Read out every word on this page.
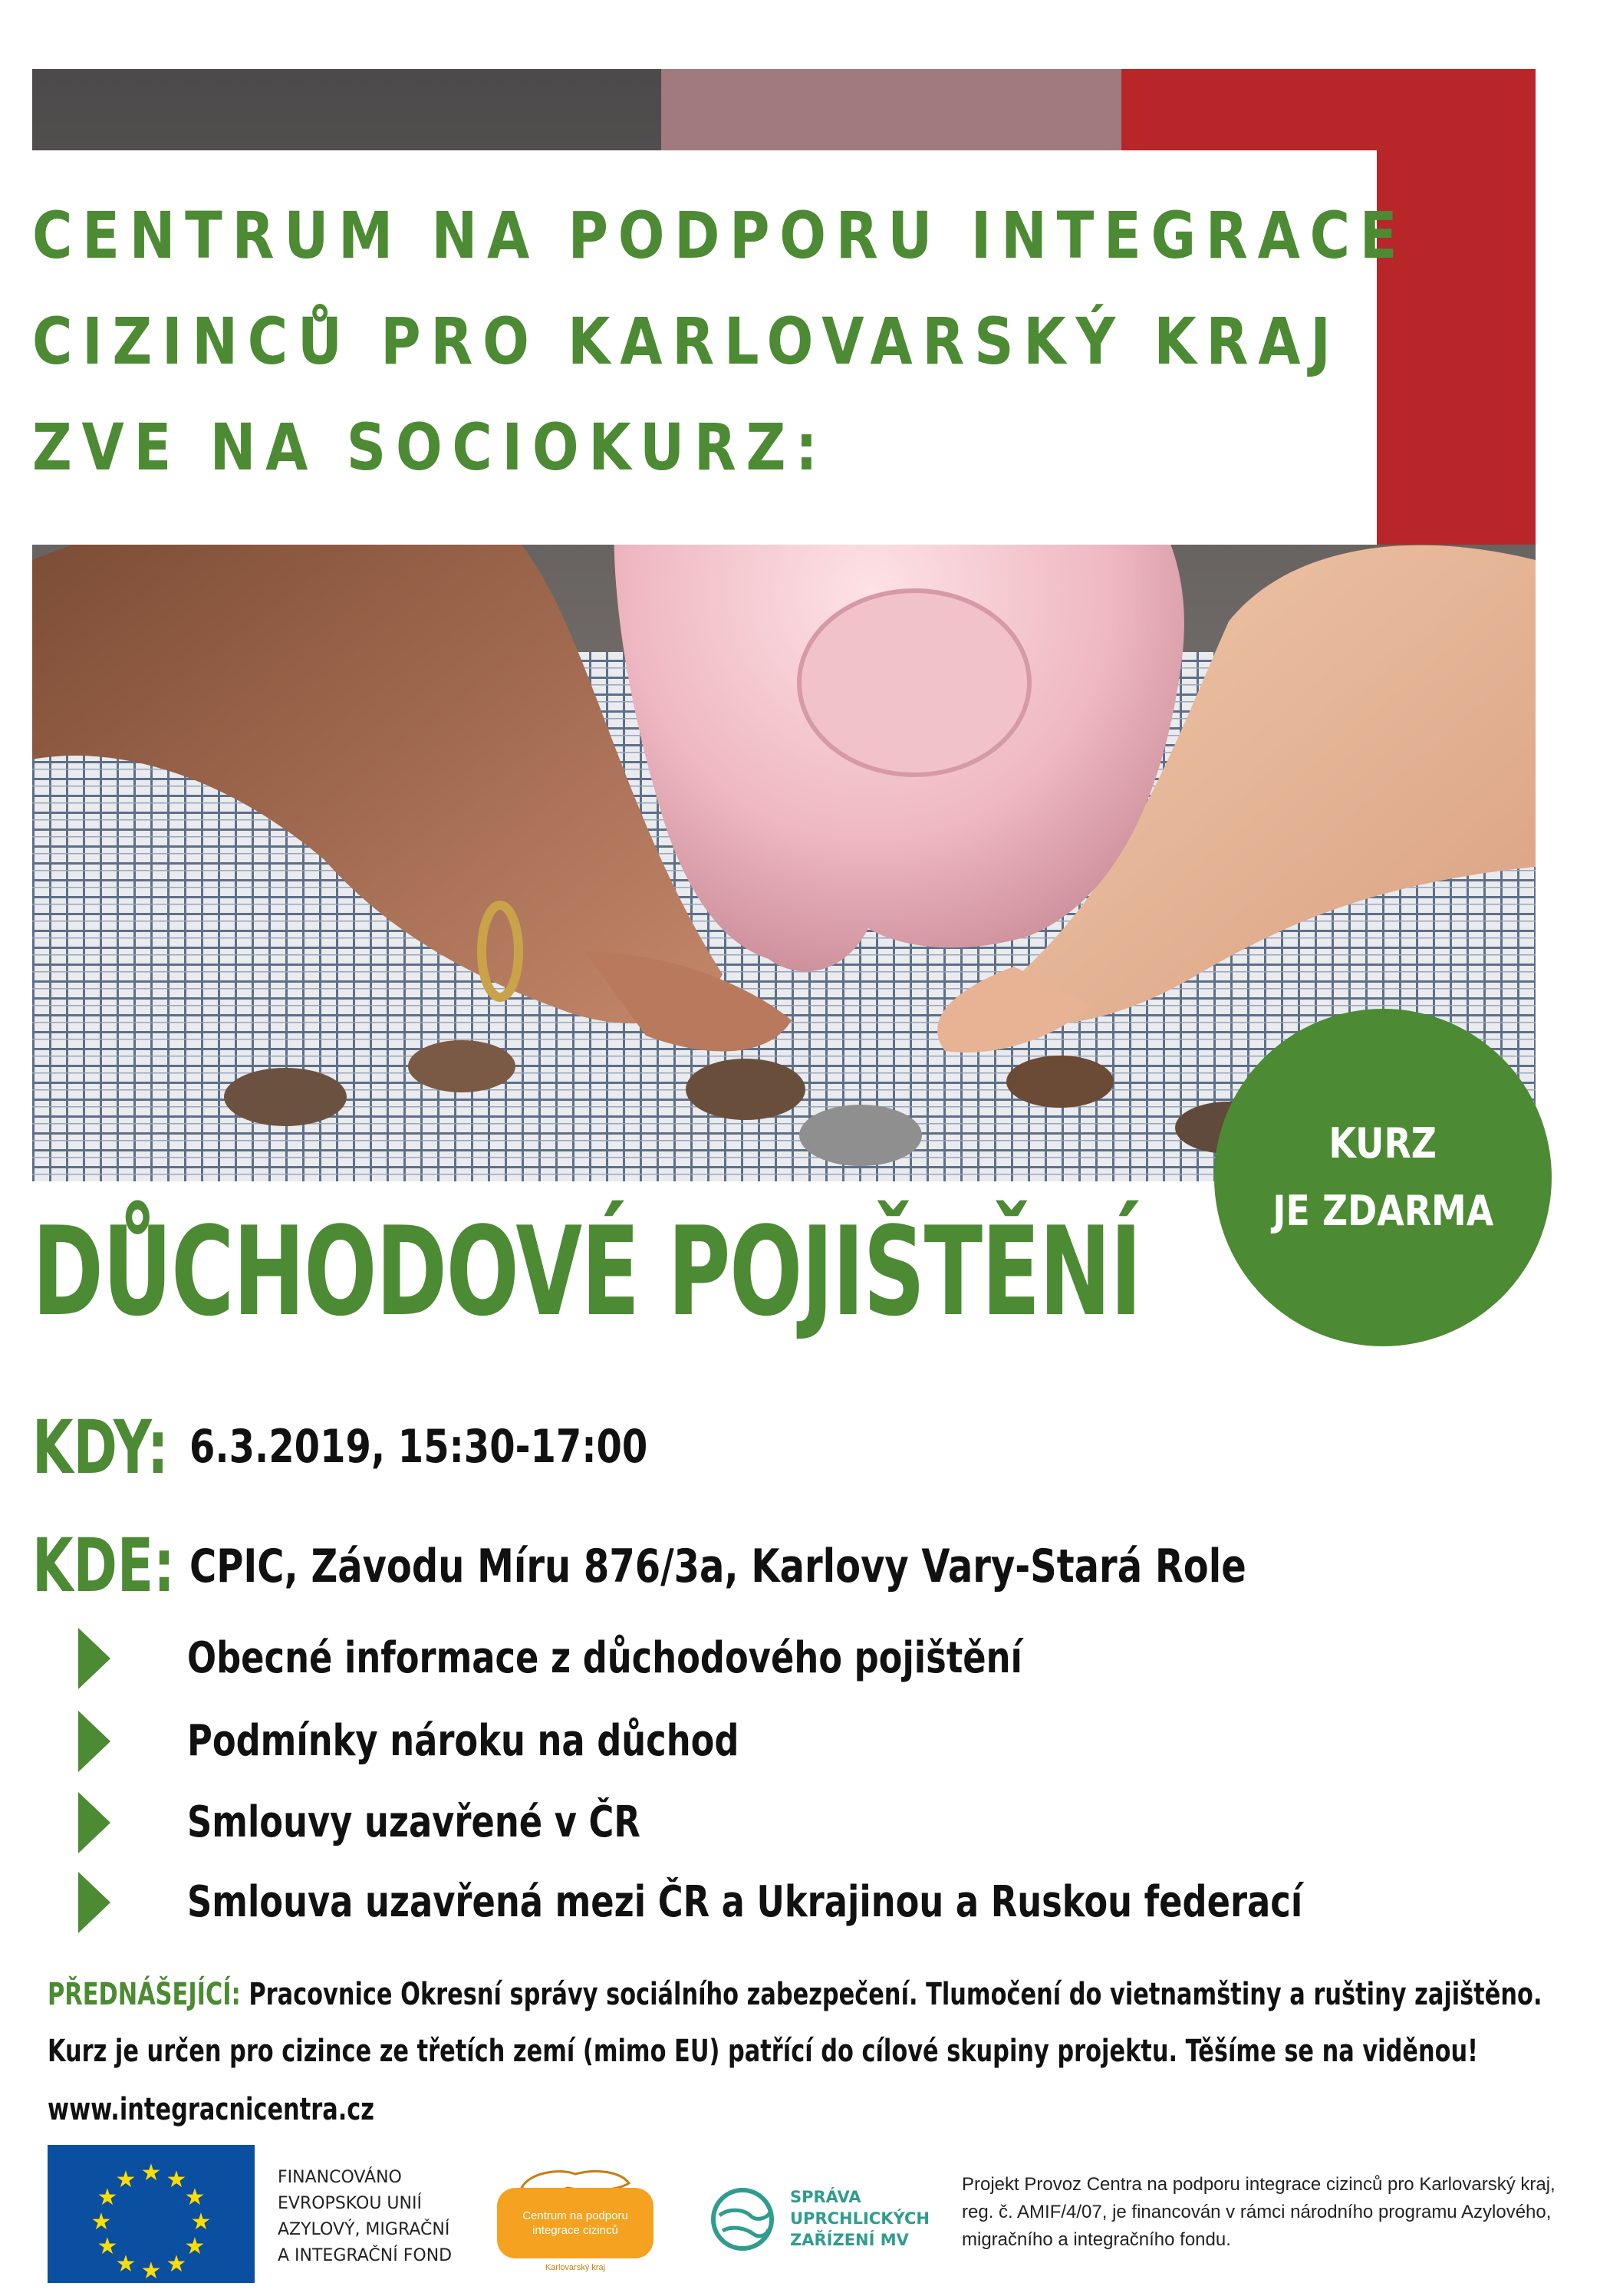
CENTRUM NA PODPORU INTEGRACE
CIZINCŮ PRO KARLOVARSKÝ KRAJ
ZVE NA SOCIOKURZ:
KURZ
JE ZDARMA
DŮCHODOVÉ POJIŠTĚNÍ
KDY: 6.3.2019, 15:30-17:00
KDE: CPIC, Závodu Míru 876/3a, Karlovy Vary-Stará Role
Obecné informace z důchodového pojištění
Podmínky nároku na důchod
Smlouvy uzavřené v ČR
Smlouva uzavřená mezi ČR a Ukrajinou a Ruskou federací
PŘEDNÁŠEJÍCÍ: Pracovnice Okresní správy sociálního zabezpečení. Tlumočení do vietnamštiny a ruštiny zajištěno.
Kurz je určen pro cizince ze třetích zemí (mimo EU) patřící do cílové skupiny projektu. Těšíme se na viděnou!
www.integracnicentra.cz
★ ★
★
★
★
★
★
★
★
★
★
★	FINANCOVÁNO
EVROPSKOU UNIÍ
AZYLOVÝ, MIGRAČNÍ
A INTEGRAČNÍ FOND
Centrum na podporu
integrace cizinců
Karlovarský kraj
SPRÁVA
UPRCHLICKÝCH
ZAŘÍZENÍ MV
Projekt Provoz Centra na podporu integrace cizinců pro Karlovarský kraj,
reg. č. AMIF/4/07, je financován v rámci národního programu Azylového,
migračního a integračního fondu.
